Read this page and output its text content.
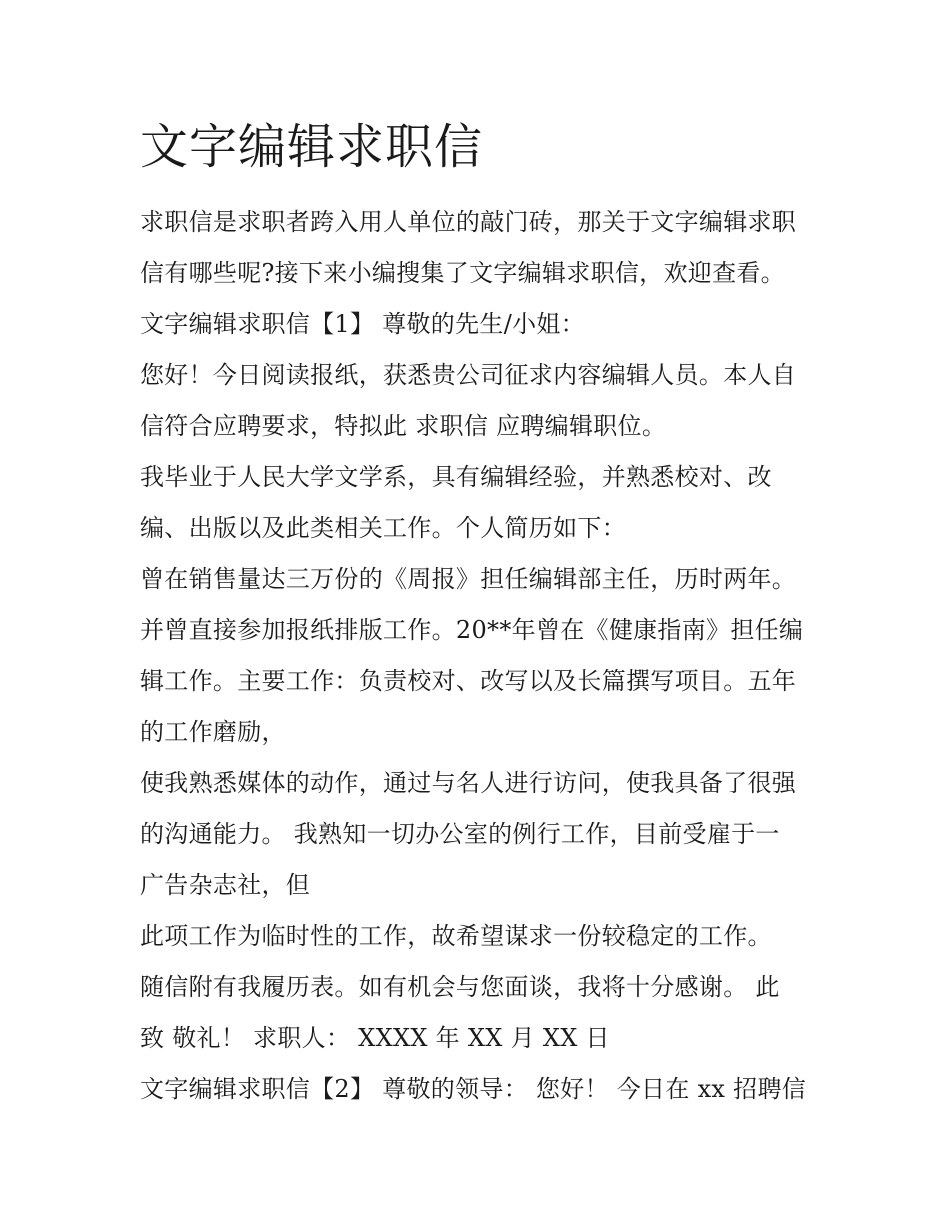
文字编辑求职信
求职信是求职者跨入用人单位的敲门砖，那关于文字编辑求职
信有哪些呢?接下来小编搜集了文字编辑求职信，欢迎查看。
文字编辑求职信【1】 尊敬的先生/小姐：
您好！今日阅读报纸，获悉贵公司征求内容编辑人员。本人自
信符合应聘要求，特拟此 求职信 应聘编辑职位。
我毕业于人民大学文学系，具有编辑经验，并熟悉校对、改
编、出版以及此类相关工作。个人简历如下：
曾在销售量达三万份的《周报》担任编辑部主任，历时两年。
并曾直接参加报纸排版工作。20**年曾在《健康指南》担任编
辑工作。主要工作：负责校对、改写以及长篇撰写项目。五年
的工作磨励，
使我熟悉媒体的动作，通过与名人进行访问，使我具备了很强
的沟通能力。 我熟知一切办公室的例行工作，目前受雇于一
广告杂志社，但
此项工作为临时性的工作，故希望谋求一份较稳定的工作。
随信附有我履历表。如有机会与您面谈，我将十分感谢。 此
致 敬礼！ 求职人： XXXX 年 XX 月 XX 日
文字编辑求职信【2】 尊敬的领导： 您好！ 今日在 xx 招聘信
